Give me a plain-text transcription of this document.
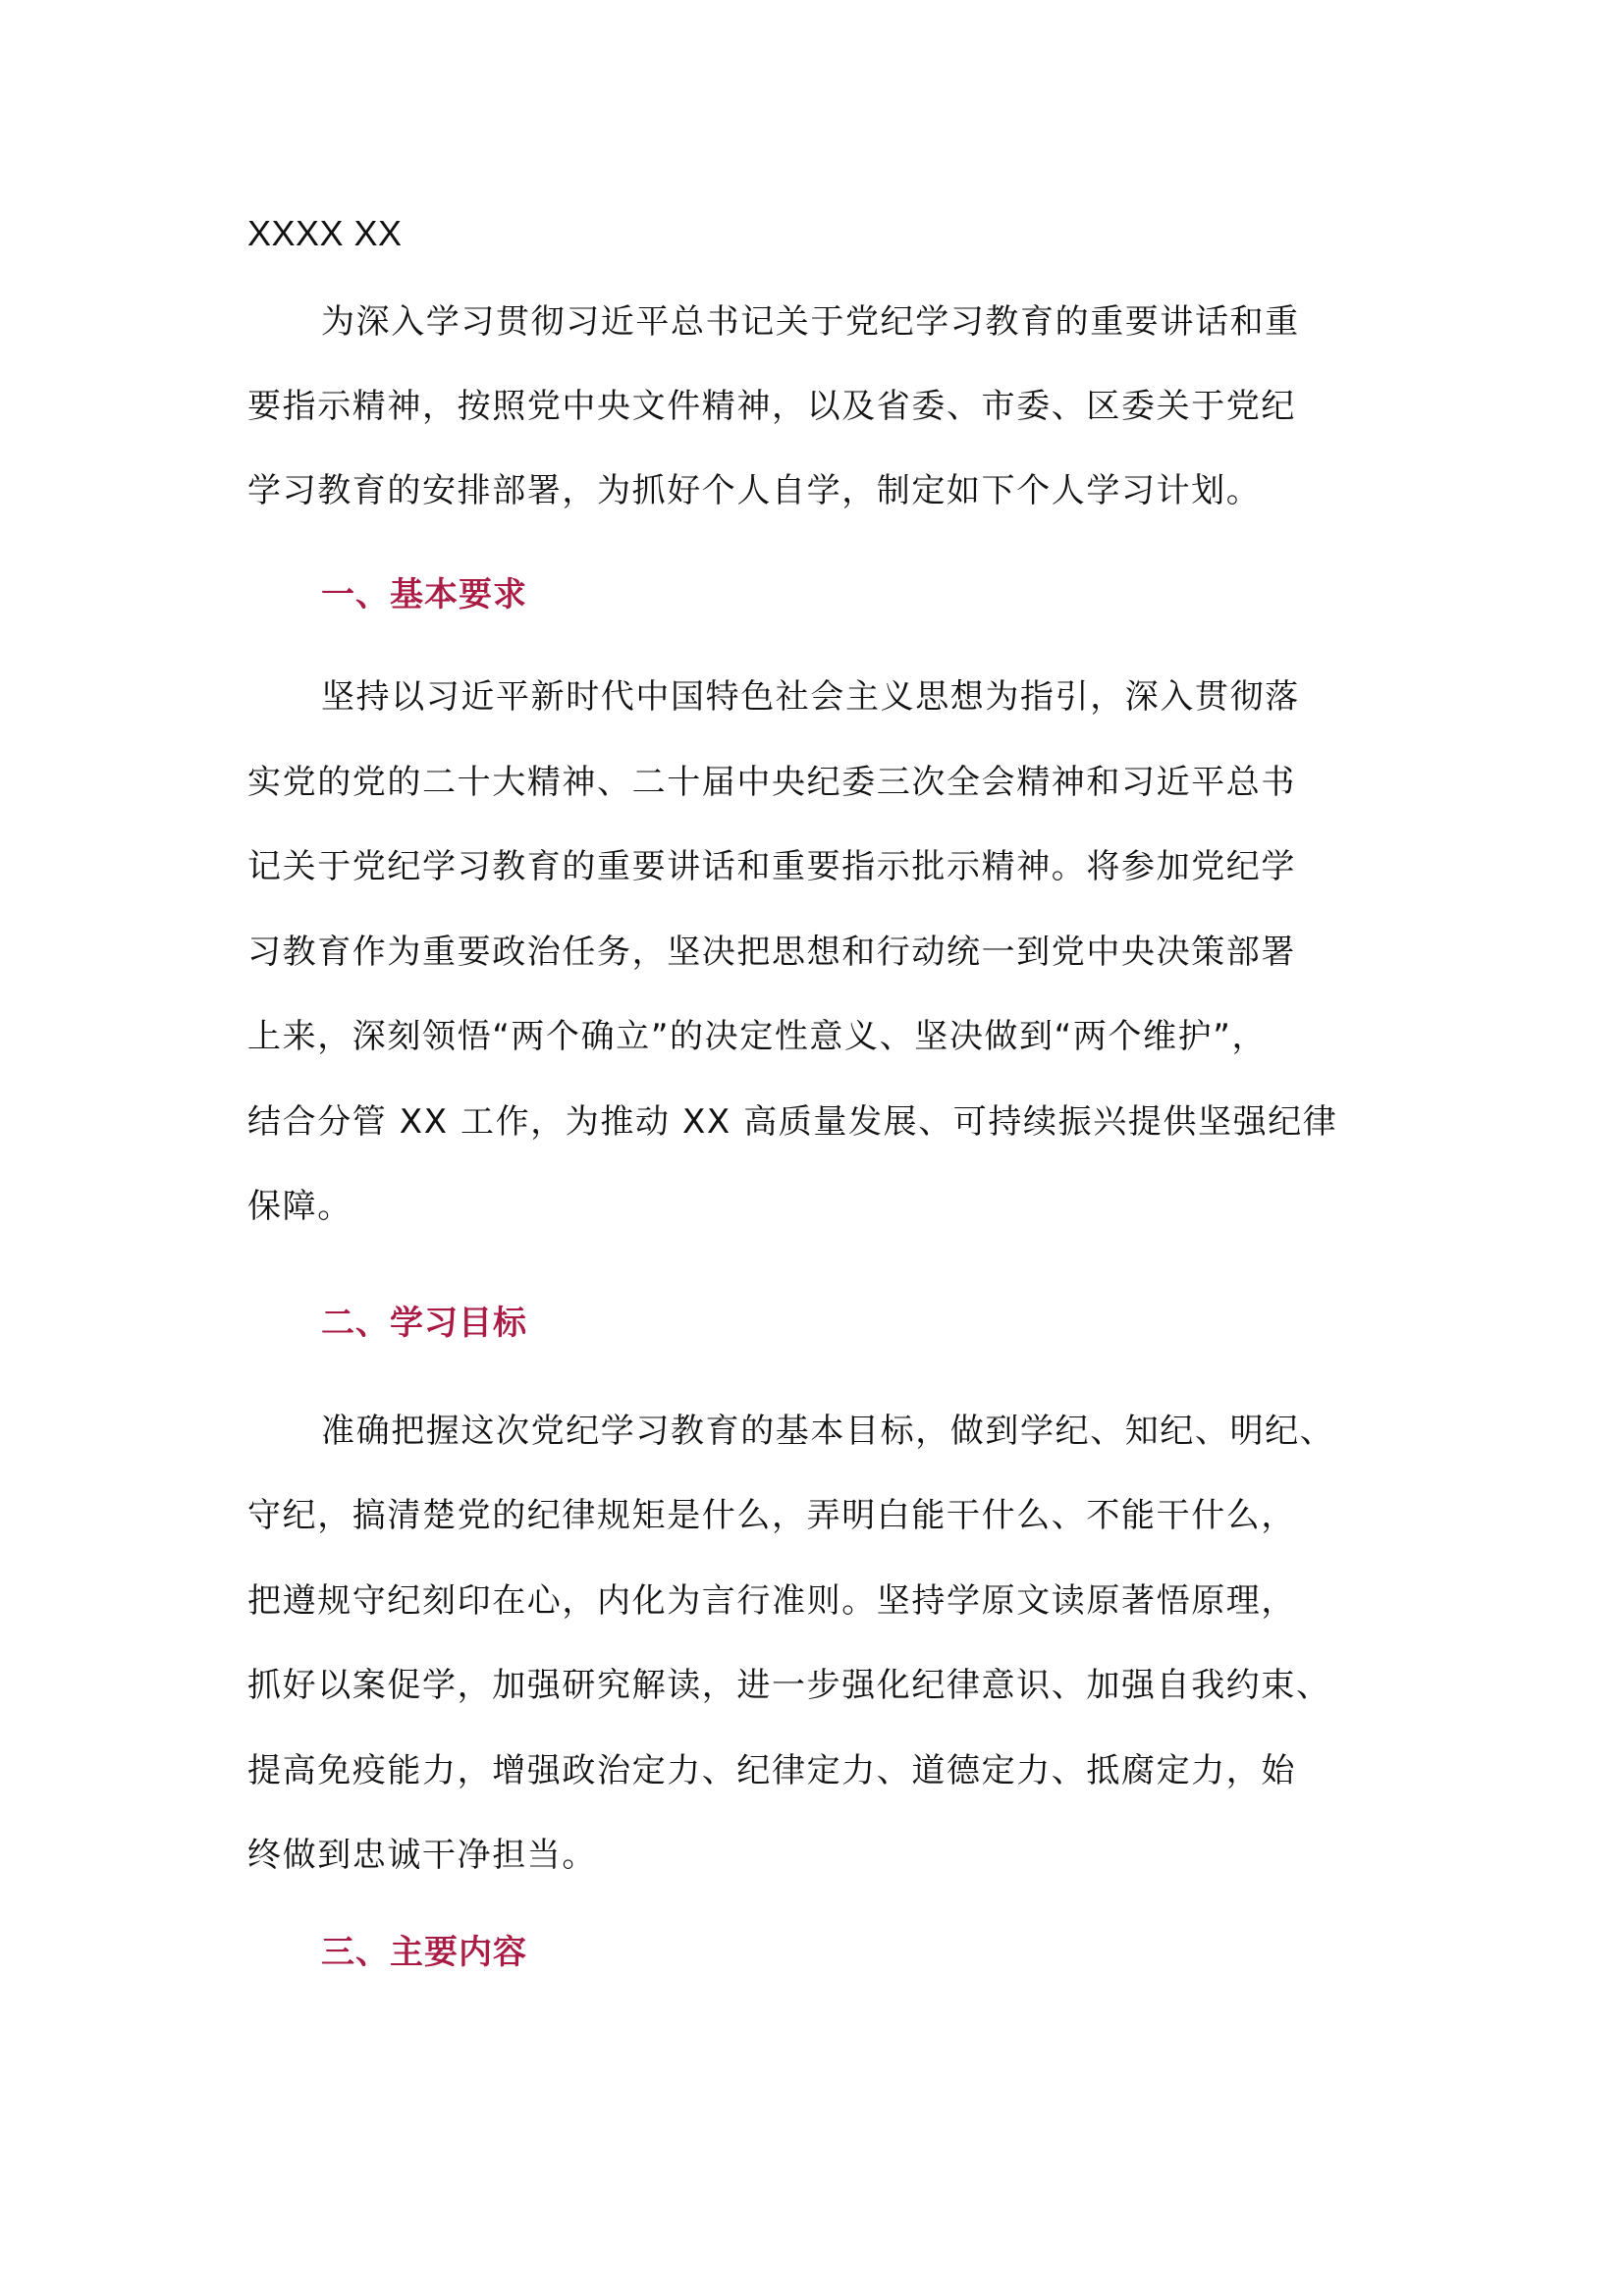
XXXX XX
为深入学习贯彻习近平总书记关于党纪学习教育的重要讲话和重
要指示精神，按照党中央文件精神，以及省委、市委、区委关于党纪
学习教育的安排部署，为抓好个人自学，制定如下个人学习计划。
一、基本要求
坚持以习近平新时代中国特色社会主义思想为指引，深入贯彻落
实党的党的二十大精神、二十届中央纪委三次全会精神和习近平总书
记关于党纪学习教育的重要讲话和重要指示批示精神。将参加党纪学
习教育作为重要政治任务，坚决把思想和行动统一到党中央决策部署
上来，深刻领悟“两个确立”的决定性意义、坚决做到“两个维护”，
结合分管 XX 工作，为推动 XX 高质量发展、可持续振兴提供坚强纪律
保障。
二、学习目标
准确把握这次党纪学习教育的基本目标，做到学纪、知纪、明纪、
守纪，搞清楚党的纪律规矩是什么，弄明白能干什么、不能干什么，
把遵规守纪刻印在心，内化为言行准则。坚持学原文读原著悟原理，
抓好以案促学，加强研究解读，进一步强化纪律意识、加强自我约束、
提高免疫能力，增强政治定力、纪律定力、道德定力、抵腐定力，始
终做到忠诚干净担当。
三、主要内容
